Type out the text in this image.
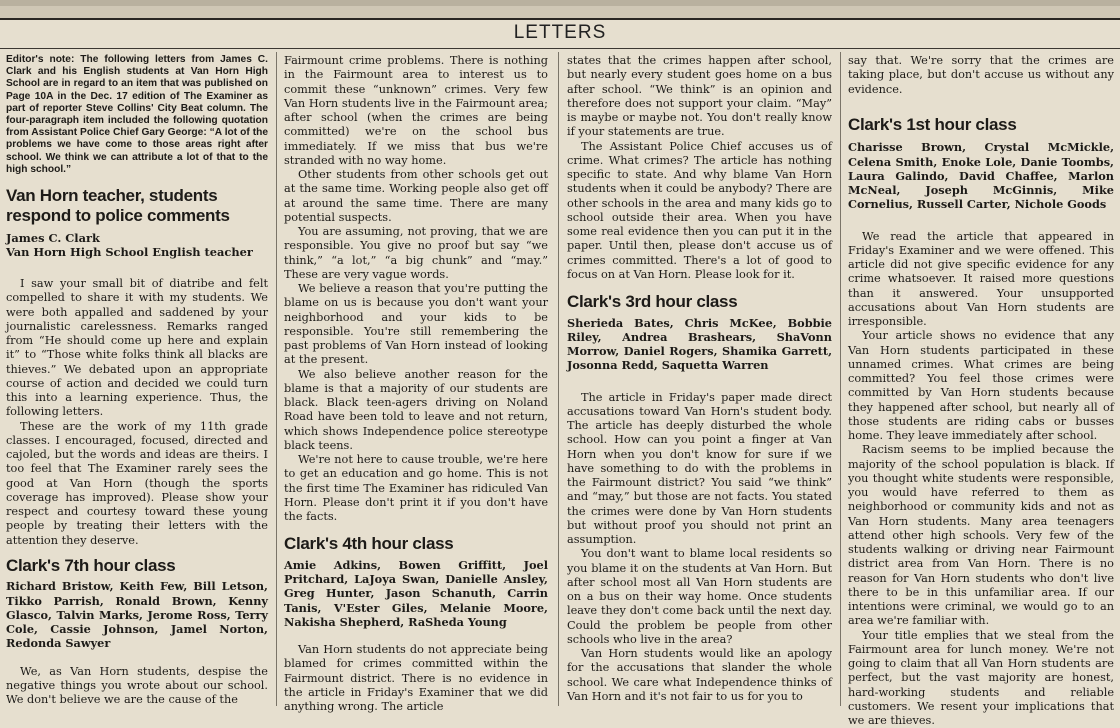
LETTERS

Editor's note: The following letters from James C. Clark and his English students at Van Horn High School are in regard to an item that was published on Page 10A in the Dec. 17 edition of The Examiner as part of reporter Steve Collins' City Beat column. The four-paragraph item included the following quotation from Assistant Police Chief Gary George: “A lot of the problems we have come to those areas right after school. We think we can attribute a lot of that to the high school.”

Van Horn teacher, students respond to police comments

James C. Clark

Van Horn High School English teacher

I saw your small bit of diatribe and felt compelled to share it with my students. We were both appalled and saddened by your journalistic carelessness. Remarks ranged from “He should come up here and explain it” to “Those white folks think all blacks are thieves.” We debated upon an appropriate course of action and decided we could turn this into a learning experience. Thus, the following letters.

These are the work of my 11th grade classes. I encouraged, focused, directed and cajoled, but the words and ideas are theirs. I too feel that The Examiner rarely sees the good at Van Horn (though the sports coverage has improved). Please show your respect and courtesy toward these young people by treating their letters with the attention they deserve.

Clark's 7th hour class

Richard Bristow, Keith Few, Bill Letson, Tikko Parrish, Ronald Brown, Kenny Glasco, Talvin Marks, Jerome Ross, Terry Cole, Cassie Johnson, Jamel Norton, Redonda Sawyer

We, as Van Horn students, despise the negative things you wrote about our school. We don't believe we are the cause of the

Fairmount crime problems. There is nothing in the Fairmount area to interest us to commit these “unknown” crimes. Very few Van Horn students live in the Fairmount area; after school (when the crimes are being committed) we're on the school bus immediately. If we miss that bus we're stranded with no way home.

Other students from other schools get out at the same time. Working people also get off at around the same time. There are many potential suspects.

You are assuming, not proving, that we are responsible. You give no proof but say “we think,” “a lot,” “a big chunk” and “may.” These are very vague words.

We believe a reason that you're putting the blame on us is because you don't want your neighborhood and your kids to be responsible. You're still remembering the past problems of Van Horn instead of looking at the present.

We also believe another reason for the blame is that a majority of our students are black. Black teen-agers driving on Noland Road have been told to leave and not return, which shows Independence police stereotype black teens.

We're not here to cause trouble, we're here to get an education and go home. This is not the first time The Examiner has ridiculed Van Horn. Please don't print it if you don't have the facts.

Clark's 4th hour class

Amie Adkins, Bowen Griffitt, Joel Pritchard, LaJoya Swan, Danielle Ansley, Greg Hunter, Jason Schanuth, Carrin Tanis, V'Ester Giles, Melanie Moore, Nakisha Shepherd, RaSheda Young

Van Horn students do not appreciate being blamed for crimes committed within the Fairmount district. There is no evidence in the article in Friday's Examiner that we did anything wrong. The article

states that the crimes happen after school, but nearly every student goes home on a bus after school. “We think” is an opinion and therefore does not support your claim. “May” is maybe or maybe not. You don't really know if your statements are true.

The Assistant Police Chief accuses us of crime. What crimes? The article has nothing specific to state. And why blame Van Horn students when it could be anybody? There are other schools in the area and many kids go to school outside their area. When you have some real evidence then you can put it in the paper. Until then, please don't accuse us of crimes committed. There's a lot of good to focus on at Van Horn. Please look for it.

Clark's 3rd hour class

Sherieda Bates, Chris McKee, Bobbie Riley, Andrea Brashears, ShaVonn Morrow, Daniel Rogers, Shamika Garrett, Josonna Redd, Saquetta Warren

The article in Friday's paper made direct accusations toward Van Horn's student body. The article has deeply disturbed the whole school. How can you point a finger at Van Horn when you don't know for sure if we have something to do with the problems in the Fairmount district? You said “we think” and “may,” but those are not facts. You stated the crimes were done by Van Horn students but without proof you should not print an assumption.

You don't want to blame local residents so you blame it on the students at Van Horn. But after school most all Van Horn students are on a bus on their way home. Once students leave they don't come back until the next day. Could the problem be people from other schools who live in the area?

Van Horn students would like an apology for the accusations that slander the whole school. We care what Independence thinks of Van Horn and it's not fair to us for you to

say that. We're sorry that the crimes are taking place, but don't accuse us without any evidence.

Clark's 1st hour class

Charisse Brown, Crystal McMickle, Celena Smith, Enoke Lole, Danie Toombs, Laura Galindo, David Chaffee, Marlon McNeal, Joseph McGinnis, Mike Cornelius, Russell Carter, Nichole Goods

We read the article that appeared in Friday's Examiner and we were offened. This article did not give specific evidence for any crime whatsoever. It raised more questions than it answered. Your unsupported accusations about Van Horn students are irresponsible.

Your article shows no evidence that any Van Horn students participated in these unnamed crimes. What crimes are being committed? You feel those crimes were committed by Van Horn students because they happened after school, but nearly all of those students are riding cabs or busses home. They leave immediately after school.

Racism seems to be implied because the majority of the school population is black. If you thought white students were responsible, you would have referred to them as neighborhood or community kids and not as Van Horn students. Many area teenagers attend other high schools. Very few of the students walking or driving near Fairmount district area from Van Horn. There is no reason for Van Horn students who don't live there to be in this unfamiliar area. If our intentions were criminal, we would go to an area we're familiar with.

Your title emplies that we steal from the Fairmount area for lunch money. We're not going to claim that all Van Horn students are perfect, but the vast majority are honest, hard-working students and reliable customers. We resent your implications that we are thieves.
